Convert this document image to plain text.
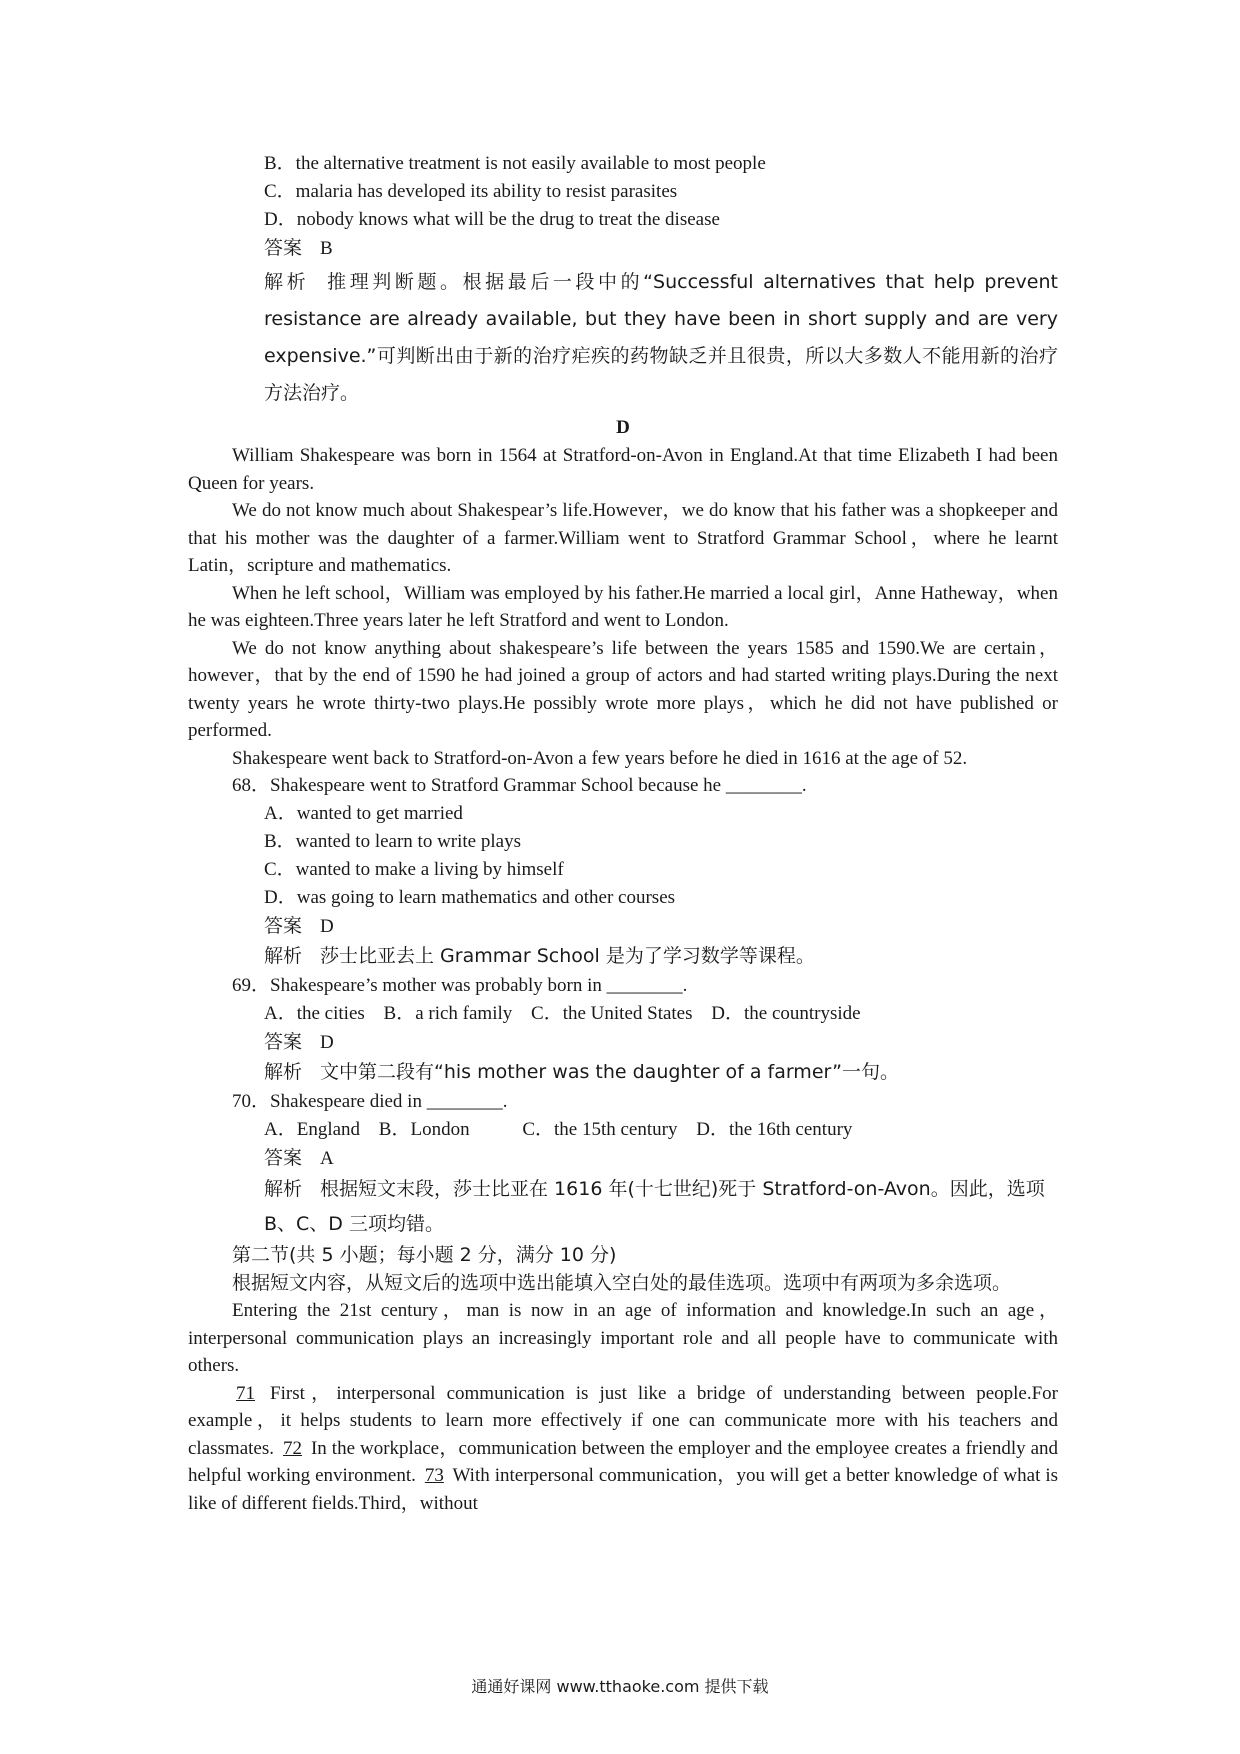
B．the alternative treatment is not easily available to most people
C．malaria has developed its ability to resist parasites
D．nobody knows what will be the drug to treat the disease
答案 B
解析 推理判断题。根据最后一段中的“Successful alternatives that help prevent resistance are already available, but they have been in short supply and are very expensive.”可判断出由于新的治疗疟疾的药物缺乏并且很贵，所以大多数人不能用新的治疗方法治疗。
D
William Shakespeare was born in 1564 at Stratford-on-Avon in England.At that time Elizabeth I had been Queen for years.
We do not know much about Shakespear’s life.However，we do know that his father was a shopkeeper and that his mother was the daughter of a farmer.William went to Stratford Grammar School，where he learnt Latin，scripture and mathematics.
When he left school，William was employed by his father.He married a local girl，Anne Hatheway，when he was eighteen.Three years later he left Stratford and went to London.
We do not know anything about shakespeare’s life between the years 1585 and 1590.We are certain，however，that by the end of 1590 he had joined a group of actors and had started writing plays.During the next twenty years he wrote thirty-two plays.He possibly wrote more plays，which he did not have published or performed.
Shakespeare went back to Stratford-on-Avon a few years before he died in 1616 at the age of 52.
68．Shakespeare went to Stratford Grammar School because he ________.
A．wanted to get married
B．wanted to learn to write plays
C．wanted to make a living by himself
D．was going to learn mathematics and other courses
答案 D
解析 莎士比亚去上 Grammar School 是为了学习数学等课程。
69．Shakespeare’s mother was probably born in ________.
A．the cities B．a rich family C．the United States D．the countryside
答案 D
解析 文中第二段有“his mother was the daughter of a farmer”一句。
70．Shakespeare died in ________.
A．England B．London	C．the 15th century D．the 16th century
答案 A
解析 根据短文末段，莎士比亚在 1616 年(十七世纪)死于 Stratford-on-Avon。因此，选项B、C、D 三项均错。
第二节(共 5 小题；每小题 2 分，满分 10 分)
根据短文内容，从短文后的选项中选出能填入空白处的最佳选项。选项中有两项为多余选项。
Entering the 21st century，man is now in an age of information and knowledge.In such an age，interpersonal communication plays an increasingly important role and all people have to communicate with others.
71 First，interpersonal communication is just like a bridge of understanding between people.For example，it helps students to learn more effectively if one can communicate more with his teachers and classmates. 72 In the workplace，communication between the employer and the employee creates a friendly and helpful working environment. 73 With interpersonal communication，you will get a better knowledge of what is like of different fields.Third，without
通通好课网 www.tthaoke.com 提供下载
